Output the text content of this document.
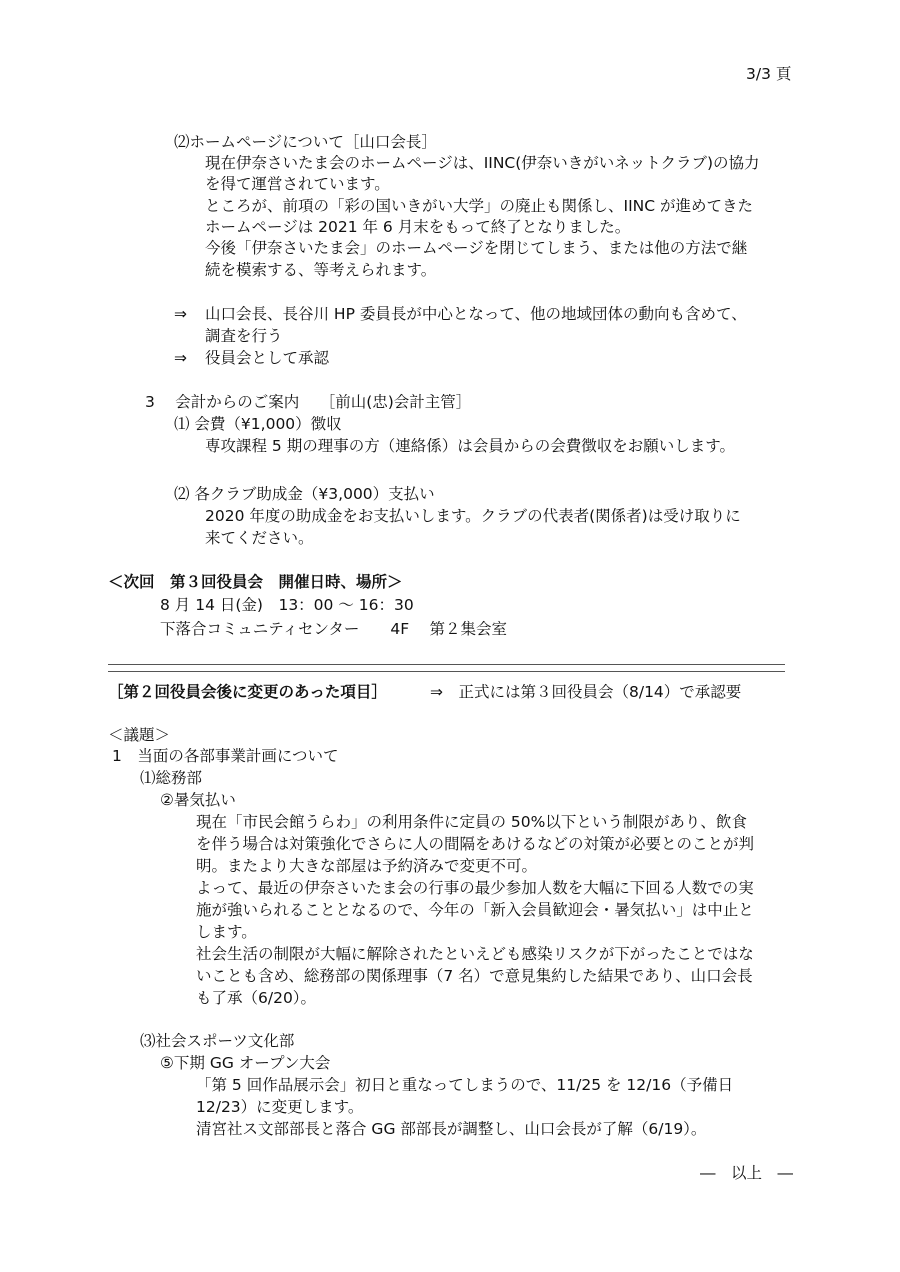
3/3 頁
⑵ホームページについて［山口会長］
現在伊奈さいたま会のホームページは、IINC(伊奈いきがいネットクラブ)の協力
を得て運営されています。
ところが、前項の「彩の国いきがい大学」の廃止も関係し、IINC が進めてきた
ホームページは 2021 年 6 月末をもって終了となりました。
今後「伊奈さいたま会」のホームページを閉じてしまう、または他の方法で継
続を模索する、等考えられます。
⇒ 山口会長、長谷川 HP 委員長が中心となって、他の地域団体の動向も含めて、
調査を行う
⇒ 役員会として承認
3　 会計からのご案内　 ［前山(忠)会計主管］
⑴ 会費（¥1,000）徴収
専攻課程 5 期の理事の方（連絡係）は会員からの会費徴収をお願いします。
⑵ 各クラブ助成金（¥3,000）支払い
2020 年度の助成金をお支払いします。クラブの代表者(関係者)は受け取りに
来てください。
＜次回　第３回役員会　開催日時、場所＞
8 月 14 日(金)　13：00 ～ 16：30
下落合コミュニティセンター　　4F　 第２集会室
［第２回役員会後に変更のあった項目］	⇒　正式には第３回役員会（8/14）で承認要
＜議題＞
1　当面の各部事業計画について
⑴総務部
②暑気払い
現在「市民会館うらわ」の利用条件に定員の 50%以下という制限があり、飲食
を伴う場合は対策強化でさらに人の間隔をあけるなどの対策が必要とのことが判
明。またより大きな部屋は予約済みで変更不可。
よって、最近の伊奈さいたま会の行事の最少参加人数を大幅に下回る人数での実
施が強いられることとなるので、今年の「新入会員歓迎会・暑気払い」は中止と
します。
社会生活の制限が大幅に解除されたといえども感染リスクが下がったことではな
いことも含め、総務部の関係理事（7 名）で意見集約した結果であり、山口会長
も了承（6/20）。
⑶社会スポーツ文化部
⑤下期 GG オープン大会
「第 5 回作品展示会」初日と重なってしまうので、11/25 を 12/16（予備日
12/23）に変更します。
清宮社ス文部部長と落合 GG 部部長が調整し、山口会長が了解（6/19）。
―　以上　―
